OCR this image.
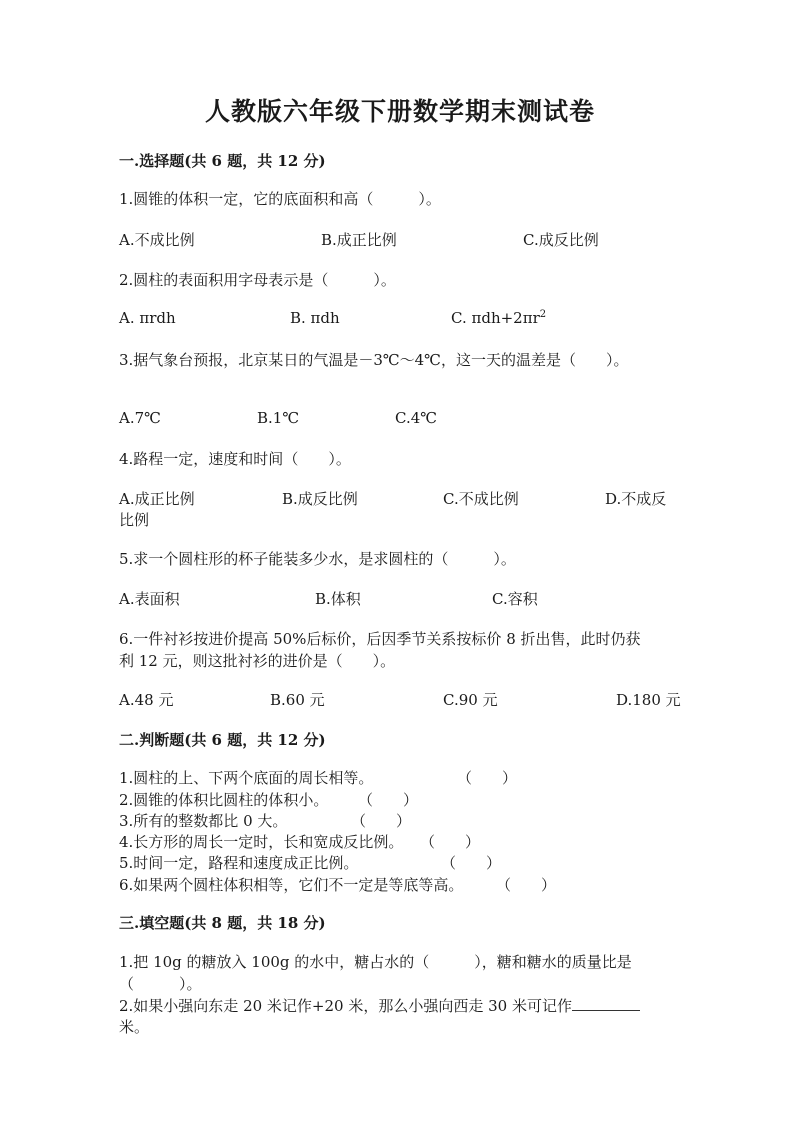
人教版六年级下册数学期末测试卷
一.选择题(共 6 题，共 12 分)
1.圆锥的体积一定，它的底面积和高（　　　）。
A.不成比例	B.成正比例	C.成反比例
2.圆柱的表面积用字母表示是（　　　）。
A. πrdh	B. πdh	C. $\pi dh+2\pi r^2$
3.据气象台预报，北京某日的气温是－3℃～4℃，这一天的温差是（　　）。
A.7℃	B.1℃	C.4℃
4.路程一定，速度和时间（　　）。
A.成正比例	B.成反比例	C.不成比例	D.不成反
比例
5.求一个圆柱形的杯子能装多少水，是求圆柱的（　　　）。
A.表面积	B.体积	C.容积
6.一件衬衫按进价提高 50%后标价，后因季节关系按标价 8 折出售，此时仍获
利 12 元，则这批衬衫的进价是（　　）。
A.48 元	B.60 元	C.90 元	D.180 元
二.判断题(共 6 题，共 12 分)
1.圆柱的上、下两个底面的周长相等。	（　　）
2.圆锥的体积比圆柱的体积小。 （　　）
3.所有的整数都比 0 大。	（　　）
4.长方形的周长一定时，长和宽成反比例。 （　　）
5.时间一定，路程和速度成正比例。	（　　）
6.如果两个圆柱体积相等，它们不一定是等底等高。 （　　）
三.填空题(共 8 题，共 18 分)
1.把 10g 的糖放入 100g 的水中，糖占水的（　　　），糖和糖水的质量比是
（　　　）。
2.如果小强向东走 20 米记作+20 米，那么小强向西走 30 米可记作
米。
